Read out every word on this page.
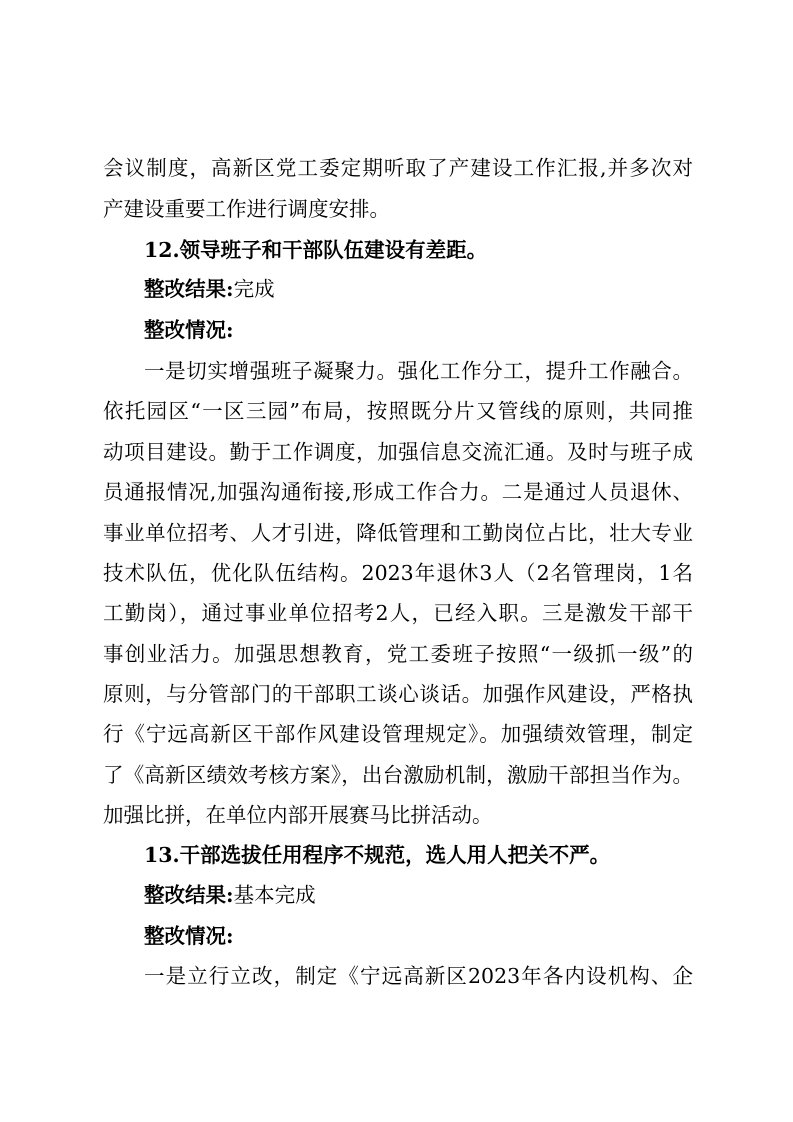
会议制度，高新区党工委定期听取了产建设工作汇报,并多次对
产建设重要工作进行调度安排。
12.领导班子和干部队伍建设有差距。
整改结果:完成
整改情况:
一是切实增强班子凝聚力。强化工作分工，提升工作融合。
依托园区“一区三园”布局，按照既分片又管线的原则，共同推
动项目建设。勤于工作调度，加强信息交流汇通。及时与班子成
员通报情况,加强沟通衔接,形成工作合力。二是通过人员退休、
事业单位招考、人才引进，降低管理和工勤岗位占比，壮大专业
技术队伍，优化队伍结构。2023年退休3人（2名管理岗，1名
工勤岗），通过事业单位招考2人，已经入职。三是激发干部干
事创业活力。加强思想教育，党工委班子按照“一级抓一级”的
原则，与分管部门的干部职工谈心谈话。加强作风建设，严格执
行《宁远高新区干部作风建设管理规定》。加强绩效管理，制定
了《高新区绩效考核方案》，出台激励机制，激励干部担当作为。
加强比拼，在单位内部开展赛马比拼活动。
13.干部选拔任用程序不规范，选人用人把关不严。
整改结果:基本完成
整改情况:
一是立行立改，制定《宁远高新区2023年各内设机构、企
